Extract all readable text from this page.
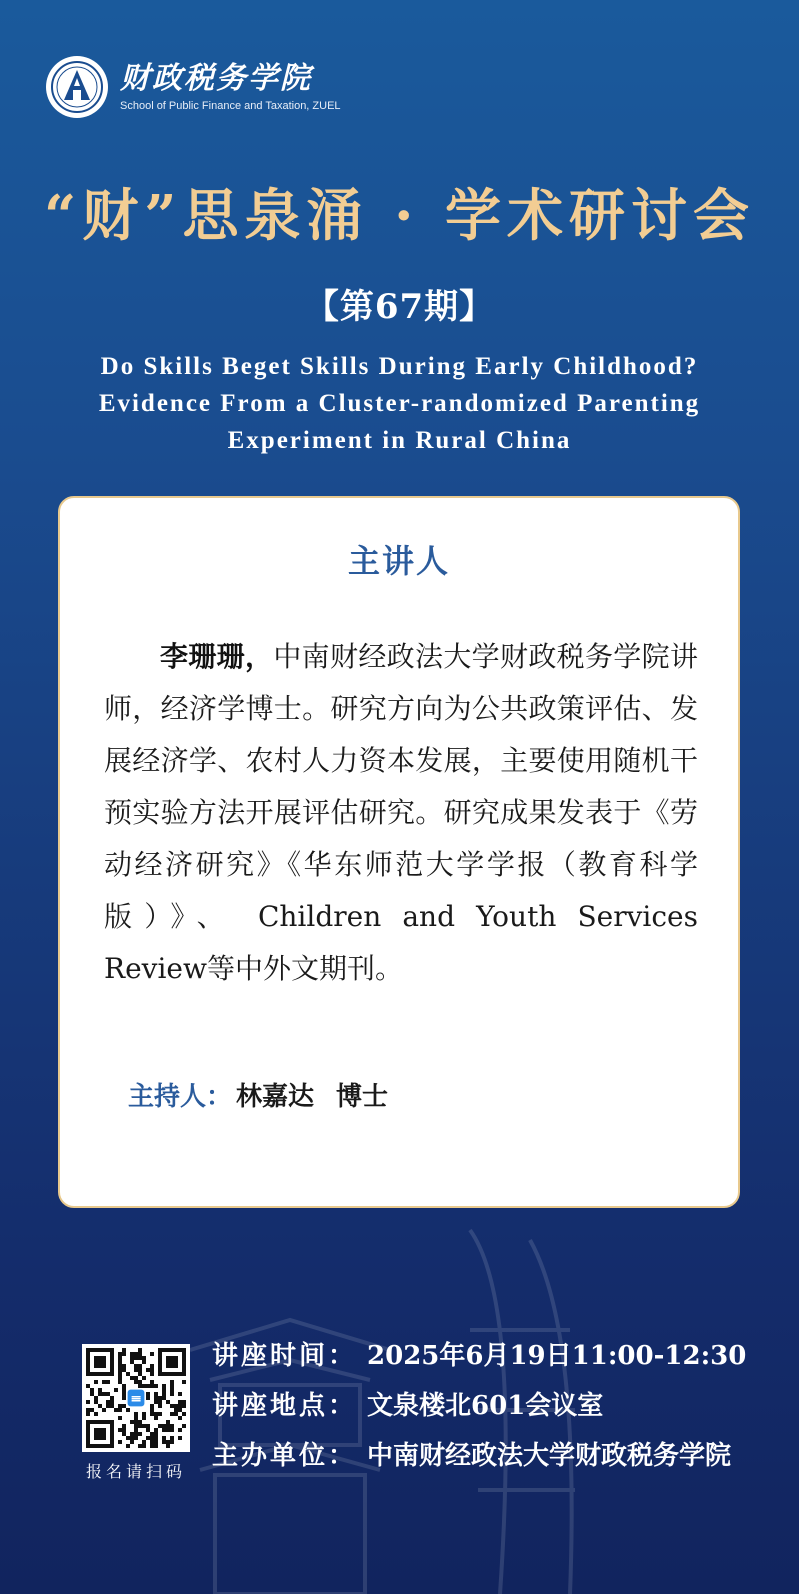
财政税务学院
School of Public Finance and Taxation, ZUEL
“财”思泉涌 · 学术研讨会
【第67期】
Do Skills Beget Skills During Early Childhood?
Evidence From a Cluster-randomized Parenting
Experiment in Rural China
主讲人
李珊珊，中南财经政法大学财政税务学院讲师，经济学博士。研究方向为公共政策评估、发展经济学、农村人力资本发展，主要使用随机干预实验方法开展评估研究。研究成果发表于《劳动经济研究》《华东师范大学学报（教育科学版）》、 Children and Youth Services Review等中外文期刊。
主持人： 林嘉达 博士
报名请扫码
讲座时间： 2025年6月19日11:00-12:30
讲座地点： 文泉楼北601会议室
主办单位： 中南财经政法大学财政税务学院
